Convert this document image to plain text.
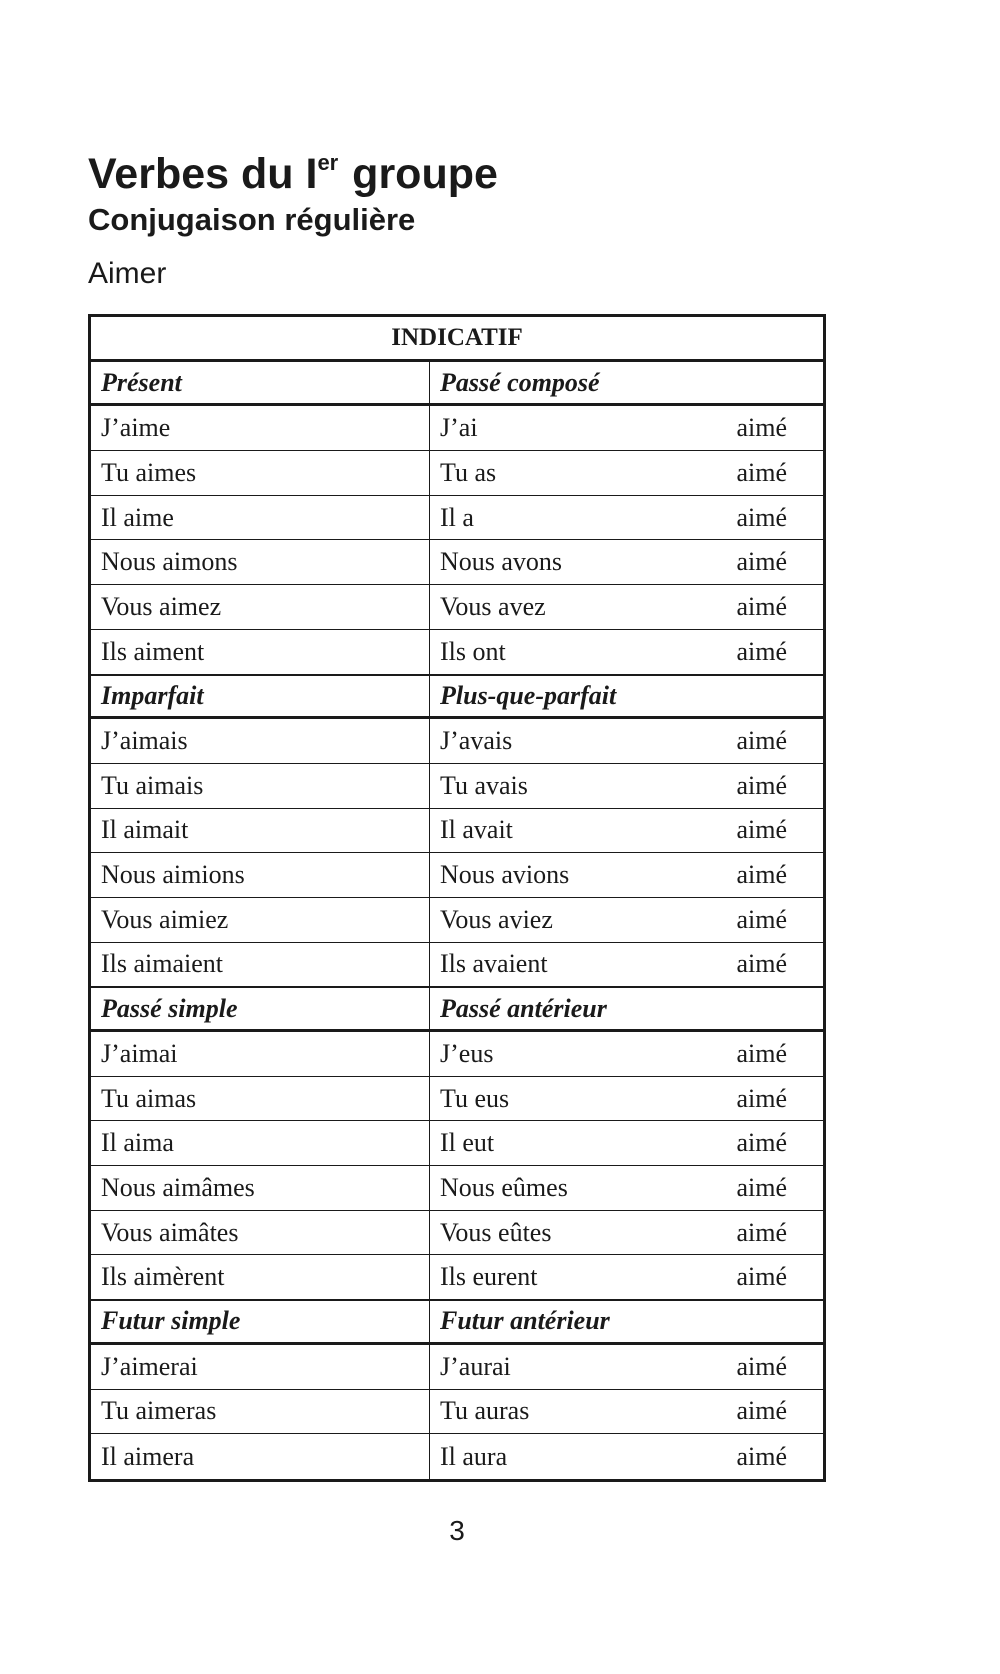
Verbes du Ier groupe
Conjugaison régulière
Aimer
INDICATIF
Présent	Passé composé
J’aime	J’ai	aimé
Tu aimes	Tu as	aimé
Il aime	Il a	aimé
Nous aimons	Nous avons	aimé
Vous aimez	Vous avez	aimé
Ils aiment	Ils ont	aimé
Imparfait	Plus-que-parfait
J’aimais	J’avais	aimé
Tu aimais	Tu avais	aimé
Il aimait	Il avait	aimé
Nous aimions	Nous avions	aimé
Vous aimiez	Vous aviez	aimé
Ils aimaient	Ils avaient	aimé
Passé simple	Passé antérieur
J’aimai	J’eus	aimé
Tu aimas	Tu eus	aimé
Il aima	Il eut	aimé
Nous aimâmes	Nous eûmes	aimé
Vous aimâtes	Vous eûtes	aimé
Ils aimèrent	Ils eurent	aimé
Futur simple	Futur antérieur
J’aimerai	J’aurai	aimé
Tu aimeras	Tu auras	aimé
Il aimera	Il aura	aimé
3
